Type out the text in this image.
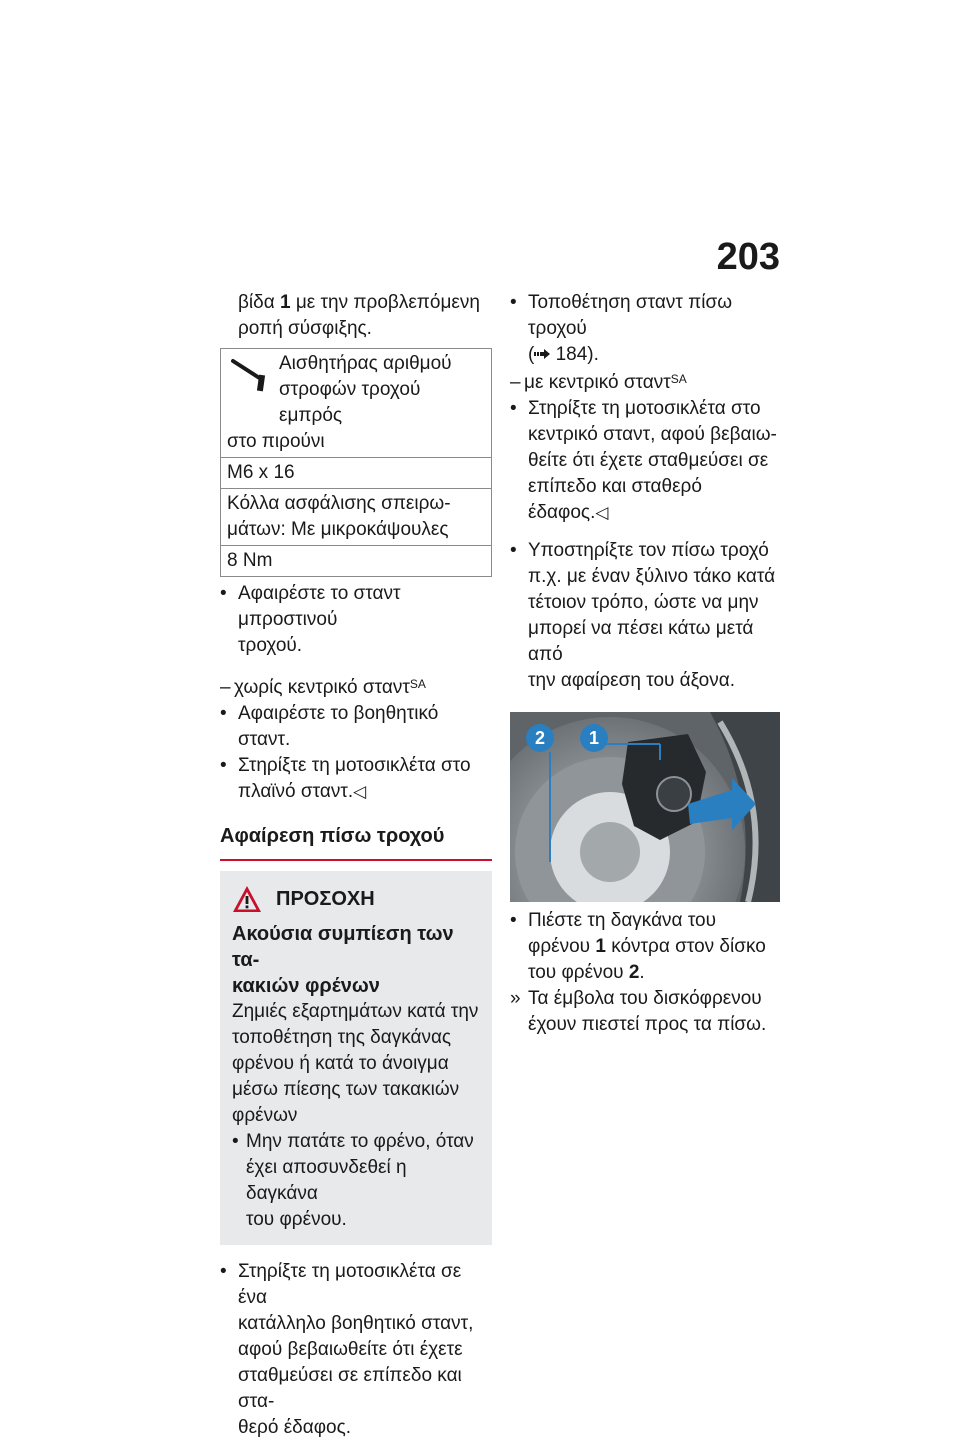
203

βίδα 1 με την προβλεπόμενη

ροπή σύσφιξης.

Αισθητήρας αριθμού
στροφών τροχού εμπρός
στο πιρούνι
M6 x 16
Κόλλα ασφάλισης σπειρω-
μάτων: Με μικροκάψουλες
8 Nm
• Αφαιρέστε το σταντ μπροστινού
τροχού.
– χωρίς κεντρικό σταντ$^{SA}$
• Αφαιρέστε το βοηθητικό σταντ.
• Στηρίξτε τη μοτοσικλέτα στο
πλαϊνό σταντ.◁
Αφαίρεση πίσω τροχού
ΠΡΟΣΟΧΗ
Ακούσια συμπίεση των τα-
κακιών φρένων
Ζημιές εξαρτημάτων κατά την
τοποθέτηση της δαγκάνας
φρένου ή κατά το άνοιγμα
μέσω πίεσης των τακακιών
φρένων
• Μην πατάτε το φρένο, όταν
έχει αποσυνδεθεί η δαγκάνα
του φρένου.
• Στηρίξτε τη μοτοσικλέτα σε ένα
κατάλληλο βοηθητικό σταντ,
αφού βεβαιωθείτε ότι έχετε
σταθμεύσει σε επίπεδο και στα-
θερό έδαφος.
• Τοποθέτηση σταντ πίσω τροχού
( 184).
– με κεντρικό σταντ$^{SA}$
• Στηρίξτε τη μοτοσικλέτα στο
κεντρικό σταντ, αφού βεβαιω-
θείτε ότι έχετε σταθμεύσει σε
επίπεδο και σταθερό έδαφος.◁
• Υποστηρίξτε τον πίσω τροχό
π.χ. με έναν ξύλινο τάκο κατά
τέτοιον τρόπο, ώστε να μην
μπορεί να πέσει κάτω μετά από
την αφαίρεση του άξονα.
2	1
• Πιέστε τη δαγκάνα του
φρένου 1 κόντρα στον δίσκο
του φρένου 2.
» Τα έμβολα του δισκόφρενου
έχουν πιεστεί προς τα πίσω.
